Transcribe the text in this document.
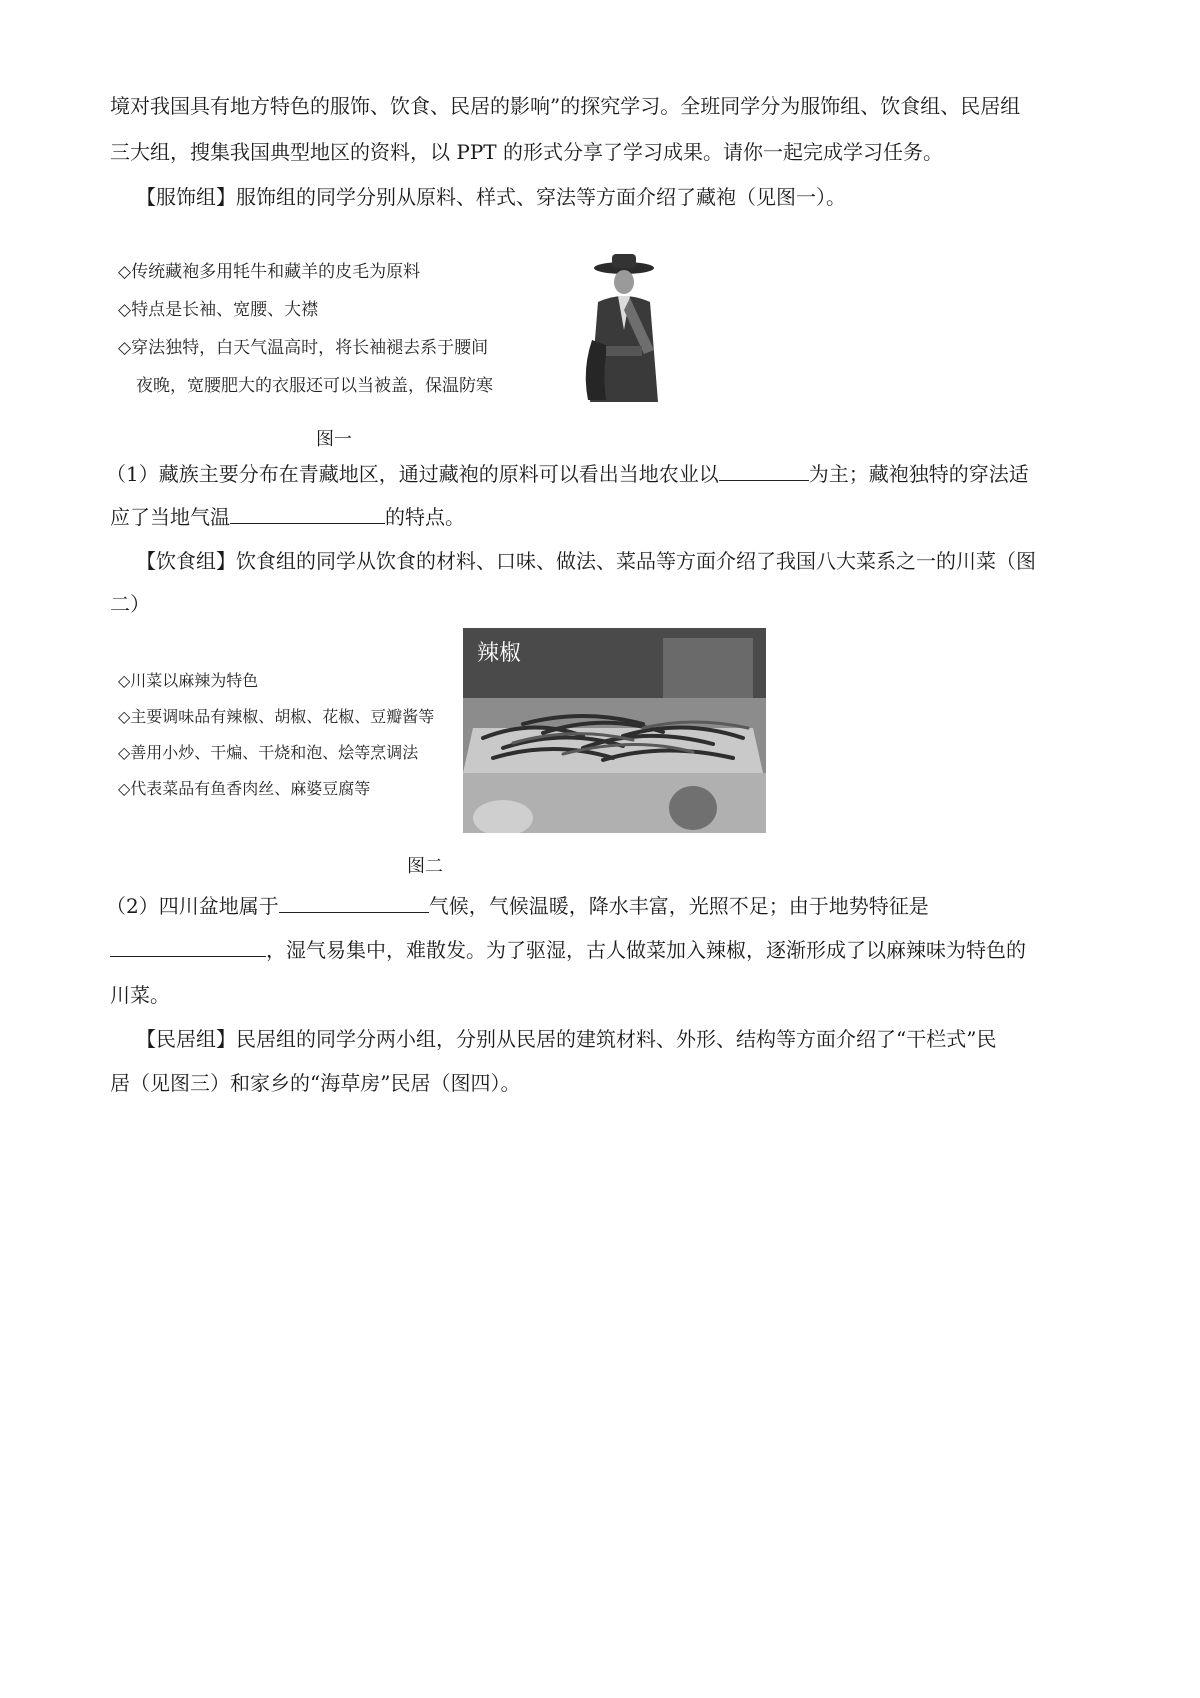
境对我国具有地方特色的服饰、饮食、民居的影响”的探究学习。全班同学分为服饰组、饮食组、民居组
三大组，搜集我国典型地区的资料，以 PPT 的形式分享了学习成果。请你一起完成学习任务。
【服饰组】服饰组的同学分别从原料、样式、穿法等方面介绍了藏袍（见图一）。
◇传统藏袍多用牦牛和藏羊的皮毛为原料
◇特点是长袖、宽腰、大襟
◇穿法独特，白天气温高时，将长袖褪去系于腰间
夜晚，宽腰肥大的衣服还可以当被盖，保温防寒
图一
（1）藏族主要分布在青藏地区，通过藏袍的原料可以看出当地农业以	为主；藏袍独特的穿法适
应了当地气温	的特点。
【饮食组】饮食组的同学从饮食的材料、口味、做法、菜品等方面介绍了我国八大菜系之一的川菜（图
二）
◇川菜以麻辣为特色
◇主要调味品有辣椒、胡椒、花椒、豆瓣酱等
◇善用小炒、干煸、干烧和泡、烩等烹调法
◇代表菜品有鱼香肉丝、麻婆豆腐等
辣椒
图二
（2）四川盆地属于	气候，气候温暖，降水丰富，光照不足；由于地势特征是
，湿气易集中，难散发。为了驱湿，古人做菜加入辣椒，逐渐形成了以麻辣味为特色的
川菜。
【民居组】民居组的同学分两小组，分别从民居的建筑材料、外形、结构等方面介绍了“干栏式”民
居（见图三）和家乡的“海草房”民居（图四）。
